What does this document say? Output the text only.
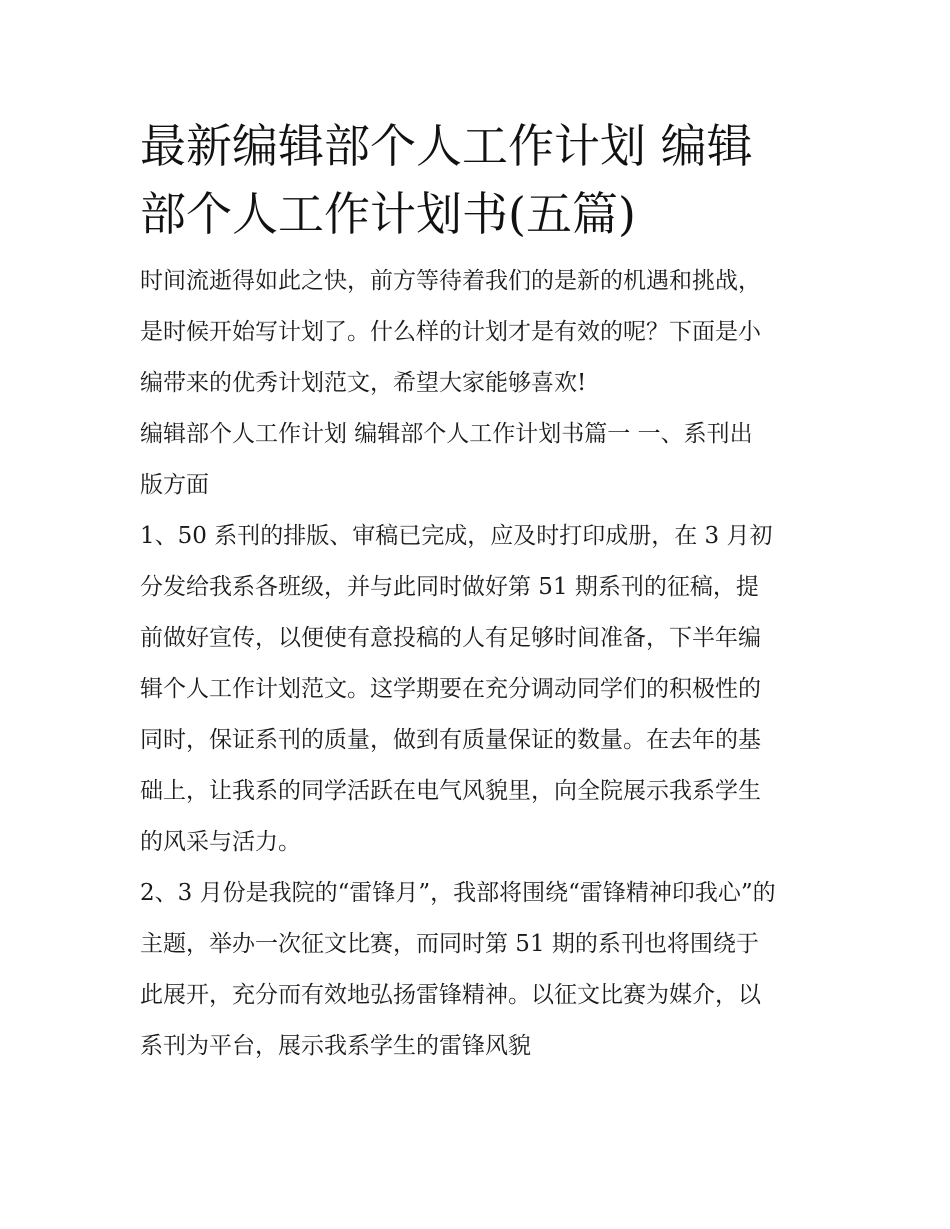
最新编辑部个人工作计划 编辑
部个人工作计划书(五篇)

时间流逝得如此之快，前方等待着我们的是新的机遇和挑战，
是时候开始写计划了。什么样的计划才是有效的呢？下面是小
编带来的优秀计划范文，希望大家能够喜欢!

编辑部个人工作计划 编辑部个人工作计划书篇一 一、系刊出
版方面

1、50 系刊的排版、审稿已完成，应及时打印成册，在 3 月初
分发给我系各班级，并与此同时做好第 51 期系刊的征稿，提
前做好宣传，以便使有意投稿的人有足够时间准备，下半年编
辑个人工作计划范文。这学期要在充分调动同学们的积极性的
同时，保证系刊的质量，做到有质量保证的数量。在去年的基
础上，让我系的同学活跃在电气风貌里，向全院展示我系学生
的风采与活力。

2、3 月份是我院的“雷锋月”，我部将围绕“雷锋精神印我心”的
主题，举办一次征文比赛，而同时第 51 期的系刊也将围绕于
此展开，充分而有效地弘扬雷锋精神。以征文比赛为媒介，以
系刊为平台，展示我系学生的雷锋风貌
